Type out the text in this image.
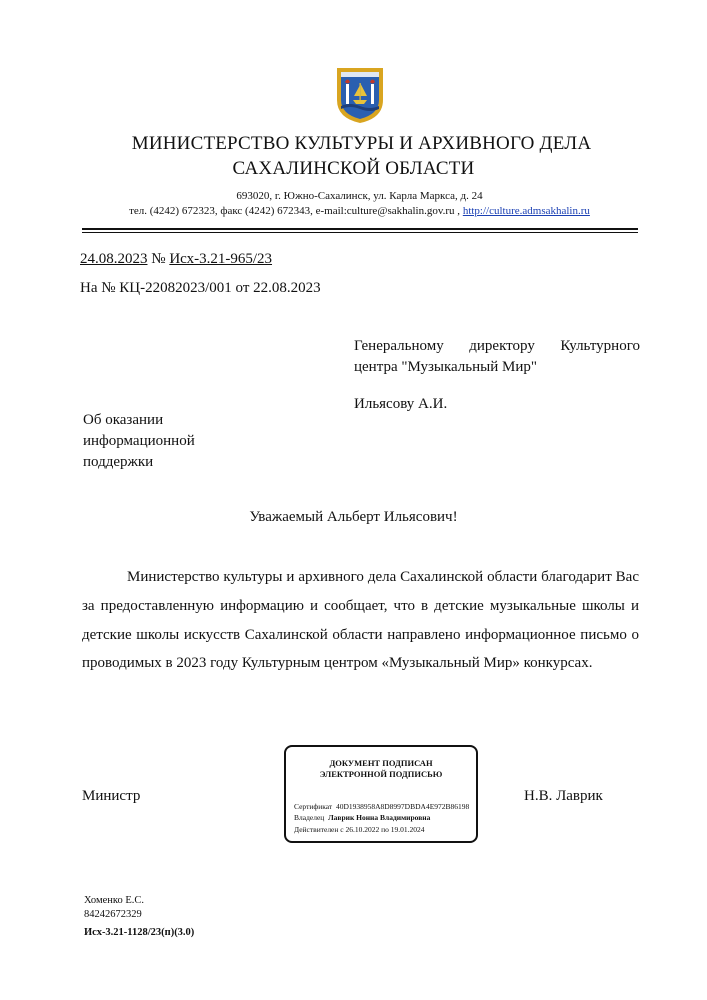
МИНИСТЕРСТВО КУЛЬТУРЫ И АРХИВНОГО ДЕЛА
САХАЛИНСКОЙ ОБЛАСТИ
693020, г. Южно-Сахалинск, ул. Карла Маркса, д. 24
тел. (4242) 672323, факс (4242) 672343, e-mail:culture@sakhalin.gov.ru , http://culture.admsakhalin.ru
24.08.2023 № Исх-3.21-965/23
На № КЦ-22082023/001 от 22.08.2023
Генеральному директору Культурного
центра "Музыкальный Мир"
Ильясову А.И.
Об оказании
информационной
поддержки
Уважаемый Альберт Ильясович!
Министерство культуры и архивного дела Сахалинской области благодарит Вас за предоставленную информацию и сообщает, что в детские музыкальные школы и детские школы искусств Сахалинской области направлено информационное письмо о проводимых в 2023 году Культурным центром «Музыкальный Мир» конкурсах.
Министр	Н.В. Лаврик
ДОКУМЕНТ ПОДПИСАН
ЭЛЕКТРОННОЙ ПОДПИСЬЮ
Сертификат 40D1938958A8D8997DBDA4E972B86198
Владелец Лаврик Нонна Владимировна
Действителен с 26.10.2022 по 19.01.2024
Хоменко Е.С.
84242672329
Исх-3.21-1128/23(п)(3.0)
